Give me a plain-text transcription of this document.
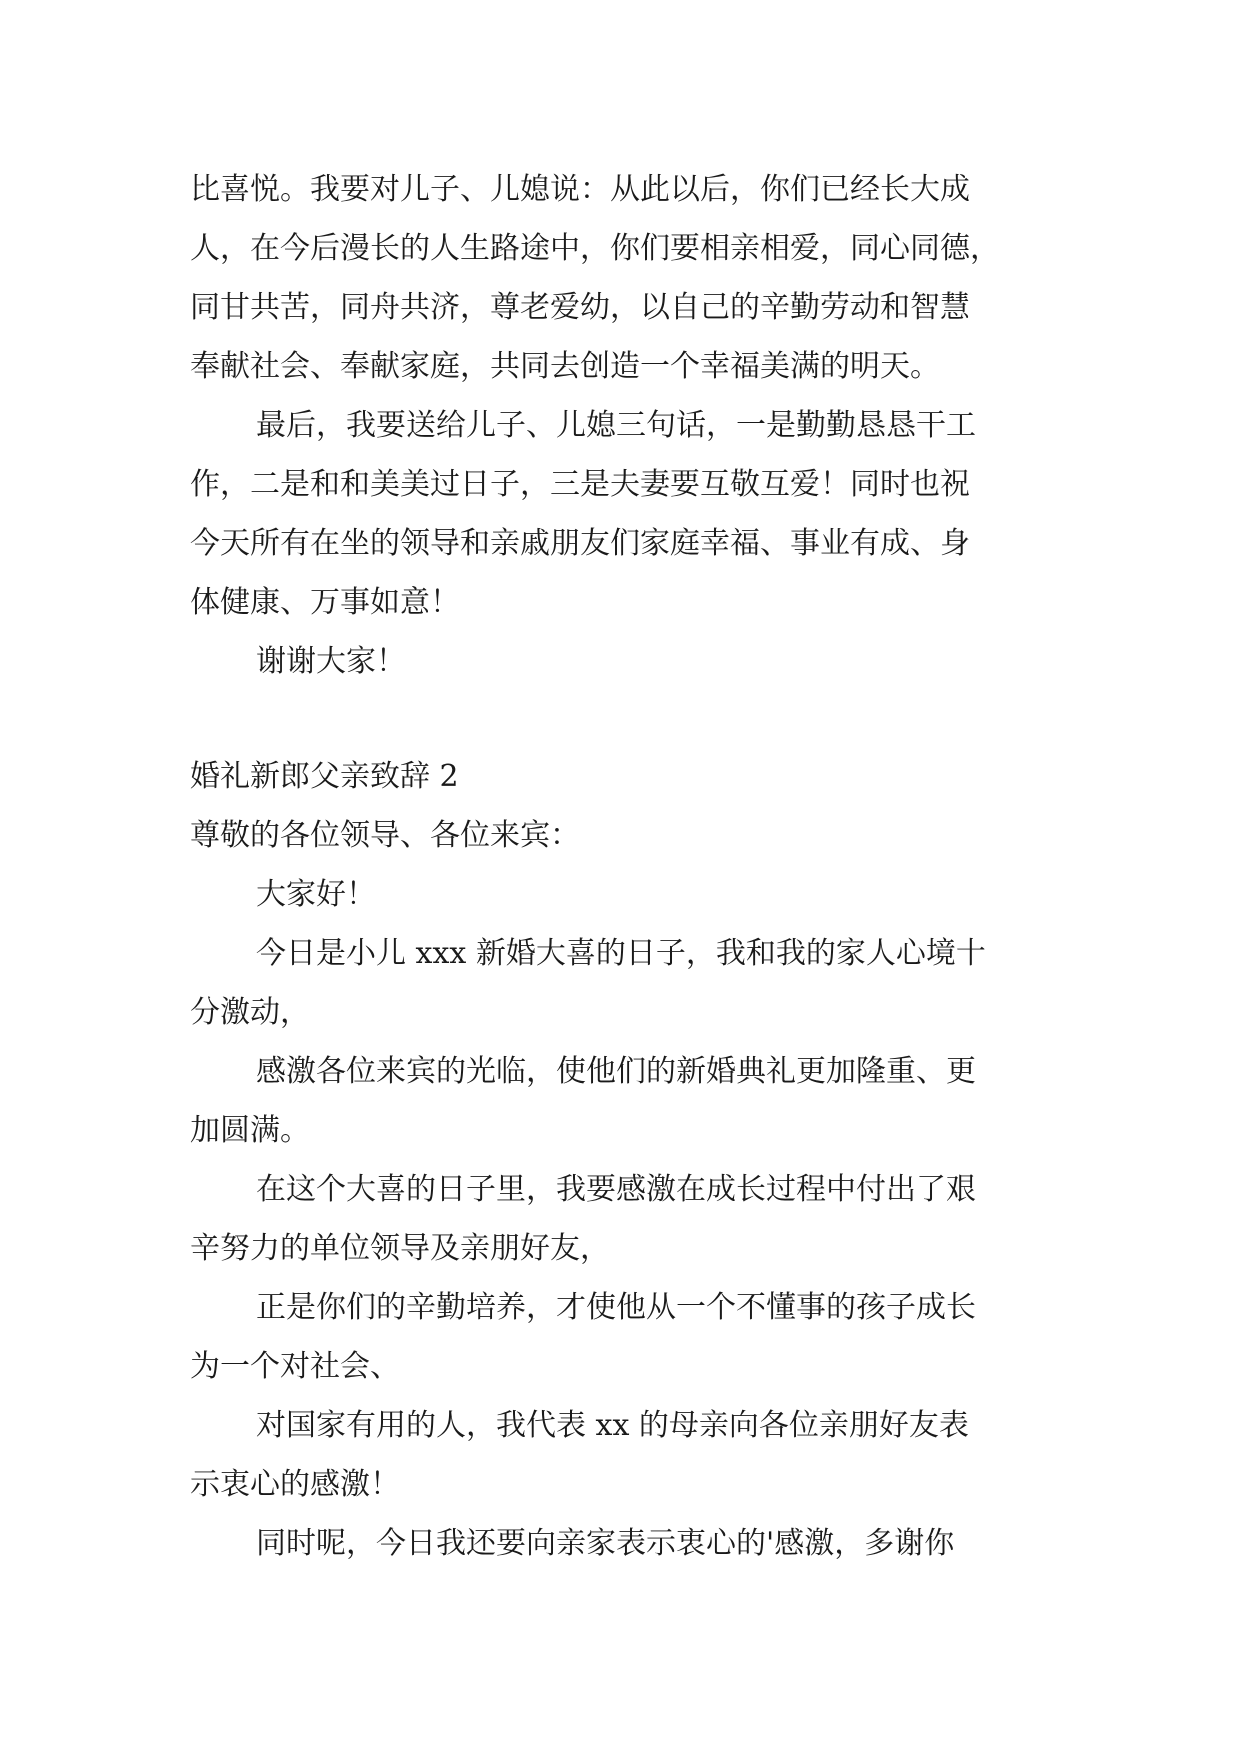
比喜悦。我要对儿子、儿媳说：从此以后，你们已经长大成
人，在今后漫长的人生路途中，你们要相亲相爱，同心同德，
同甘共苦，同舟共济，尊老爱幼，以自己的辛勤劳动和智慧
奉献社会、奉献家庭，共同去创造一个幸福美满的明天。
最后，我要送给儿子、儿媳三句话，一是勤勤恳恳干工
作，二是和和美美过日子，三是夫妻要互敬互爱！同时也祝
今天所有在坐的领导和亲戚朋友们家庭幸福、事业有成、身
体健康、万事如意！
谢谢大家！
婚礼新郎父亲致辞 2
尊敬的各位领导、各位来宾：
大家好！
今日是小儿 xxx 新婚大喜的日子，我和我的家人心境十
分激动，
感激各位来宾的光临，使他们的新婚典礼更加隆重、更
加圆满。
在这个大喜的日子里，我要感激在成长过程中付出了艰
辛努力的单位领导及亲朋好友，
正是你们的辛勤培养，才使他从一个不懂事的孩子成长
为一个对社会、
对国家有用的人，我代表 xx 的母亲向各位亲朋好友表
示衷心的感激！
同时呢，今日我还要向亲家表示衷心的'感激，多谢你
